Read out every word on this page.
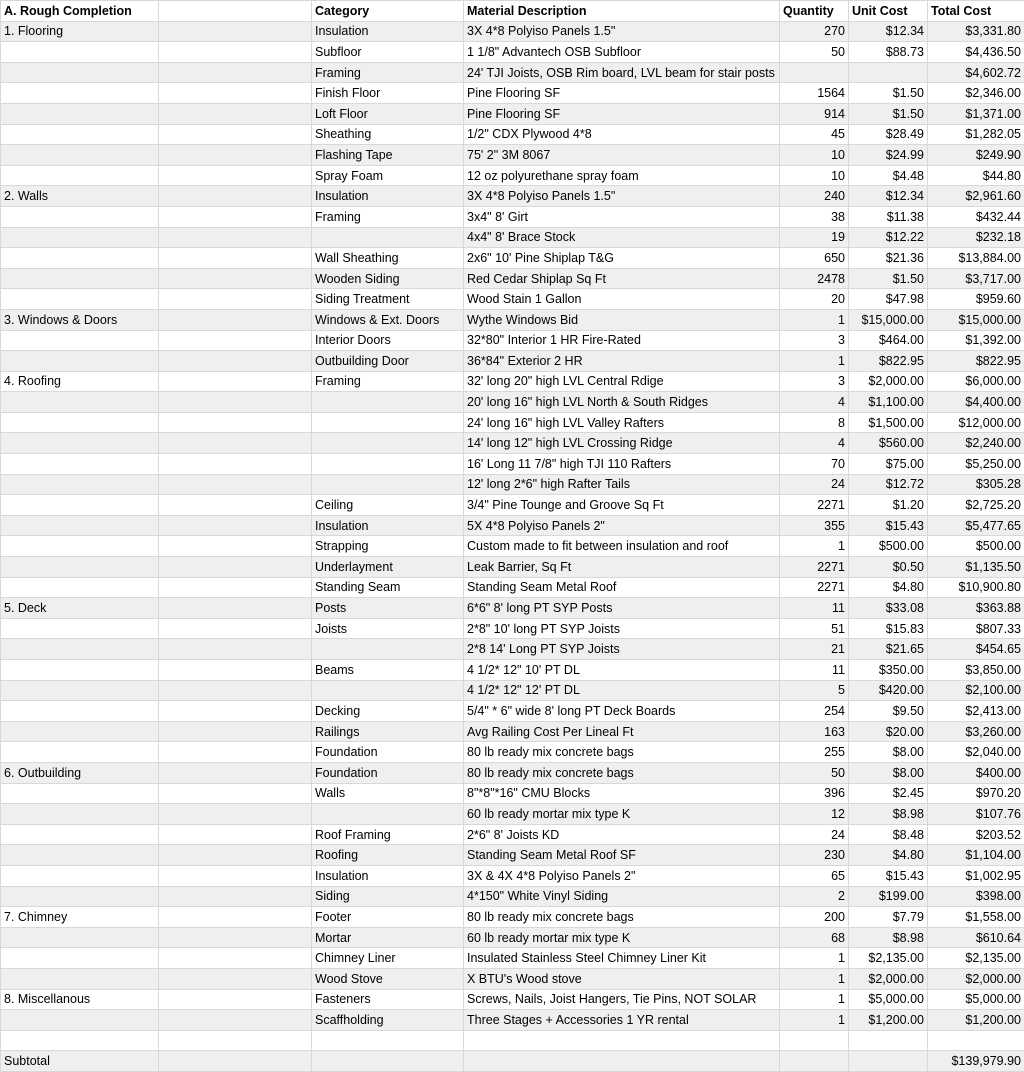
A. Rough Completion		Category	Material Description	Quantity	Unit Cost	Total Cost
1. Flooring		Insulation	3X 4*8 Polyiso Panels 1.5"	270	$12.34	$3,331.80
		Subfloor	1 1/8" Advantech OSB Subfloor	50	$88.73	$4,436.50
		Framing	24' TJI Joists, OSB Rim board, LVL beam for stair posts			$4,602.72
		Finish Floor	Pine Flooring SF	1564	$1.50	$2,346.00
		Loft Floor	Pine Flooring SF	914	$1.50	$1,371.00
		Sheathing	1/2" CDX Plywood 4*8	45	$28.49	$1,282.05
		Flashing Tape	75' 2" 3M 8067	10	$24.99	$249.90
		Spray Foam	12 oz polyurethane spray foam	10	$4.48	$44.80
2. Walls		Insulation	3X 4*8 Polyiso Panels 1.5"	240	$12.34	$2,961.60
		Framing	3x4" 8' Girt	38	$11.38	$432.44
			4x4" 8' Brace Stock	19	$12.22	$232.18
		Wall Sheathing	2x6" 10' Pine Shiplap T&G	650	$21.36	$13,884.00
		Wooden Siding	Red Cedar Shiplap Sq Ft	2478	$1.50	$3,717.00
		Siding Treatment	Wood Stain 1 Gallon	20	$47.98	$959.60
3. Windows & Doors		Windows & Ext. Doors	Wythe Windows Bid	1	$15,000.00	$15,000.00
		Interior Doors	32*80" Interior 1 HR Fire-Rated	3	$464.00	$1,392.00
		Outbuilding Door	36*84" Exterior 2 HR	1	$822.95	$822.95
4. Roofing		Framing	32' long 20" high LVL Central Rdige	3	$2,000.00	$6,000.00
			20' long 16" high LVL North & South Ridges	4	$1,100.00	$4,400.00
			24' long 16" high LVL Valley Rafters	8	$1,500.00	$12,000.00
			14' long 12" high LVL Crossing Ridge	4	$560.00	$2,240.00
			16' Long 11 7/8" high TJI 110 Rafters	70	$75.00	$5,250.00
			12' long 2*6" high Rafter Tails	24	$12.72	$305.28
		Ceiling	3/4" Pine Tounge and Groove Sq Ft	2271	$1.20	$2,725.20
		Insulation	5X 4*8 Polyiso Panels 2"	355	$15.43	$5,477.65
		Strapping	Custom made to fit between insulation and roof	1	$500.00	$500.00
		Underlayment	Leak Barrier, Sq Ft	2271	$0.50	$1,135.50
		Standing Seam	Standing Seam Metal Roof	2271	$4.80	$10,900.80
5. Deck		Posts	6*6" 8' long PT SYP Posts	11	$33.08	$363.88
		Joists	2*8" 10' long PT SYP Joists	51	$15.83	$807.33
			2*8 14' Long PT SYP Joists	21	$21.65	$454.65
		Beams	4 1/2* 12" 10' PT DL	11	$350.00	$3,850.00
			4 1/2* 12" 12' PT DL	5	$420.00	$2,100.00
		Decking	5/4" * 6" wide 8' long PT Deck Boards	254	$9.50	$2,413.00
		Railings	Avg Railing Cost Per Lineal Ft	163	$20.00	$3,260.00
		Foundation	80 lb ready mix concrete bags	255	$8.00	$2,040.00
6. Outbuilding		Foundation	80 lb ready mix concrete bags	50	$8.00	$400.00
		Walls	8"*8"*16" CMU Blocks	396	$2.45	$970.20
			60 lb ready mortar mix type K	12	$8.98	$107.76
		Roof Framing	2*6" 8' Joists KD	24	$8.48	$203.52
		Roofing	Standing Seam Metal Roof SF	230	$4.80	$1,104.00
		Insulation	3X & 4X 4*8 Polyiso Panels 2"	65	$15.43	$1,002.95
		Siding	4*150" White Vinyl Siding	2	$199.00	$398.00
7. Chimney		Footer	80 lb ready mix concrete bags	200	$7.79	$1,558.00
		Mortar	60 lb ready mortar mix type K	68	$8.98	$610.64
		Chimney Liner	Insulated Stainless Steel Chimney Liner Kit	1	$2,135.00	$2,135.00
		Wood Stove	X BTU's Wood stove	1	$2,000.00	$2,000.00
8. Miscellanous		Fasteners	Screws, Nails, Joist Hangers, Tie Pins, NOT SOLAR	1	$5,000.00	$5,000.00
		Scaffholding	Three Stages + Accessories 1 YR rental	1	$1,200.00	$1,200.00

Subtotal						$139,979.90
